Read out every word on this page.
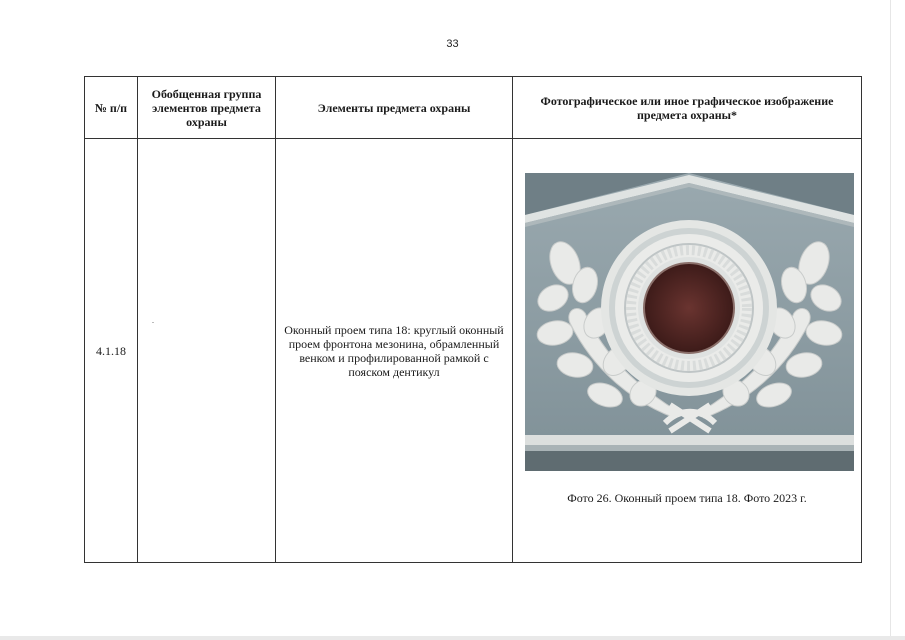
33
№ п/п	Обобщенная группа элементов предмета охраны	Элементы предмета охраны	Фотографическое или иное графическое изображение предмета охраны*
4.1.18		Оконный проем типа 18: круглый оконный проем фронтона мезонина, обрамленный венком и профилированной рамкой с пояском дентикул	Фото 26. Оконный проем типа 18. Фото 2023 г.
